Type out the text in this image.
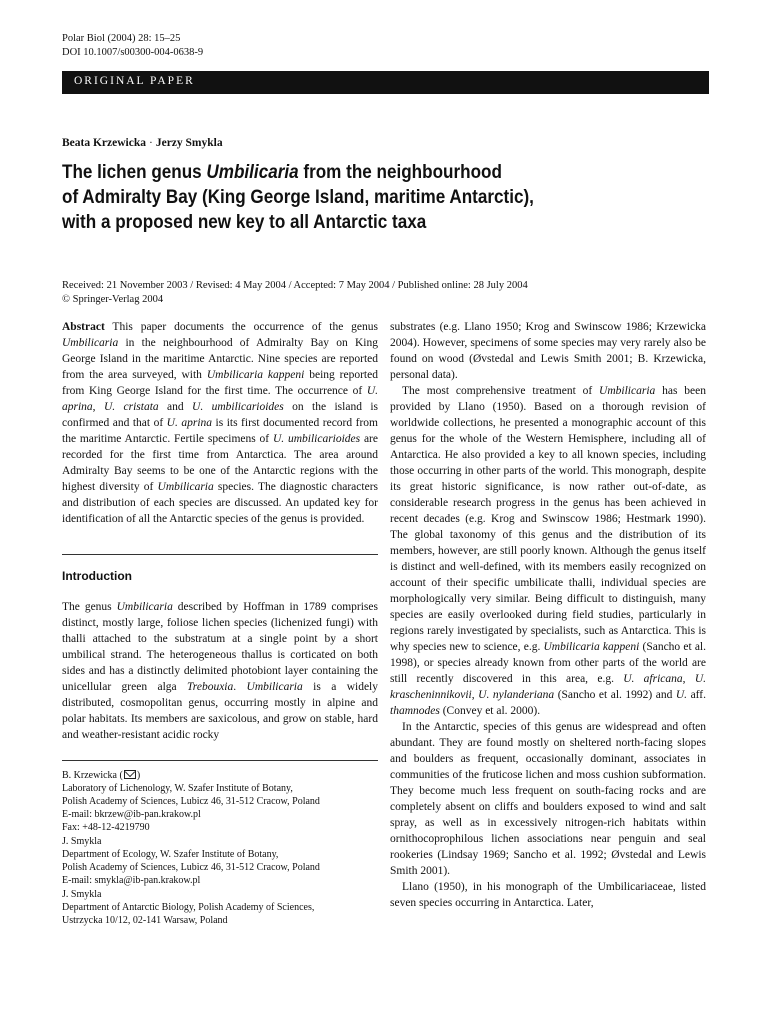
Polar Biol (2004) 28: 15–25
DOI 10.1007/s00300-004-0638-9
ORIGINAL PAPER
Beata Krzewicka · Jerzy Smykla
The lichen genus Umbilicaria from the neighbourhood
of Admiralty Bay (King George Island, maritime Antarctic),
with a proposed new key to all Antarctic taxa
Received: 21 November 2003 / Revised: 4 May 2004 / Accepted: 7 May 2004 / Published online: 28 July 2004
© Springer-Verlag 2004

Abstract This paper documents the occurrence of the genus Umbilicaria in the neighbourhood of Admiralty Bay on King George Island in the maritime Antarctic. Nine species are reported from the area surveyed, with Umbilicaria kappeni being reported from King George Island for the first time. The occurrence of U. aprina, U. cristata and U. umbilicarioides on the island is confirmed and that of U. aprina is its first documented record from the maritime Antarctic. Fertile specimens of U. umbilicarioides are recorded for the first time from Antarctica. The area around Admiralty Bay seems to be one of the Antarctic regions with the highest diversity of Umbilicaria species. The diagnostic characters and distribution of each species are discussed. An updated key for identification of all the Antarctic species of the genus is provided.

Introduction

The genus Umbilicaria described by Hoffman in 1789 comprises distinct, mostly large, foliose lichen species (lichenized fungi) with thalli attached to the substratum at a single point by a short umbilical strand. The heterogeneous thallus is corticated on both sides and has a distinctly delimited photobiont layer containing the unicellular green alga Trebouxia. Umbilicaria is a widely distributed, cosmopolitan genus, occurring mostly in alpine and polar habitats. Its members are saxicolous, and grow on stable, hard and weather-resistant acidic rocky

B. Krzewicka ( )
Laboratory of Lichenology, W. Szafer Institute of Botany,
Polish Academy of Sciences, Lubicz 46, 31-512 Cracow, Poland
E-mail: bkrzew@ib-pan.krakow.pl
Fax: +48-12-4219790
J. Smykla
Department of Ecology, W. Szafer Institute of Botany,
Polish Academy of Sciences, Lubicz 46, 31-512 Cracow, Poland
E-mail: smykla@ib-pan.krakow.pl
J. Smykla
Department of Antarctic Biology, Polish Academy of Sciences,
Ustrzycka 10/12, 02-141 Warsaw, Poland

substrates (e.g. Llano 1950; Krog and Swinscow 1986; Krzewicka 2004). However, specimens of some species may very rarely also be found on wood (Øvstedal and Lewis Smith 2001; B. Krzewicka, personal data).

The most comprehensive treatment of Umbilicaria has been provided by Llano (1950). Based on a thorough revision of worldwide collections, he presented a monographic account of this genus for the whole of the Western Hemisphere, including all of Antarctica. He also provided a key to all known species, including those occurring in other parts of the world. This monograph, despite its great historic significance, is now rather out-of-date, as considerable research progress in the genus has been achieved in recent decades (e.g. Krog and Swinscow 1986; Hestmark 1990). The global taxonomy of this genus and the distribution of its members, however, are still poorly known. Although the genus itself is distinct and well-defined, with its members easily recognized on account of their specific umbilicate thalli, individual species are morphologically very similar. Being difficult to distinguish, many species are easily overlooked during field studies, particularly in regions rarely investigated by specialists, such as Antarctica. This is why species new to science, e.g. Umbilicaria kappeni (Sancho et al. 1998), or species already known from other parts of the world are still recently discovered in this area, e.g. U. africana, U. krascheninnikovii, U. nylanderiana (Sancho et al. 1992) and U. aff. thamnodes (Convey et al. 2000).

In the Antarctic, species of this genus are widespread and often abundant. They are found mostly on sheltered north-facing slopes and boulders as frequent, occasionally dominant, associates in communities of the fruticose lichen and moss cushion subformation. They become much less frequent on south-facing rocks and are completely absent on cliffs and boulders exposed to wind and salt spray, as well as in excessively nitrogen-rich habitats within ornithocoprophilous lichen associations near penguin and seal rookeries (Lindsay 1969; Sancho et al. 1992; Øvstedal and Lewis Smith 2001).

Llano (1950), in his monograph of the Umbilicariaceae, listed seven species occurring in Antarctica. Later,
